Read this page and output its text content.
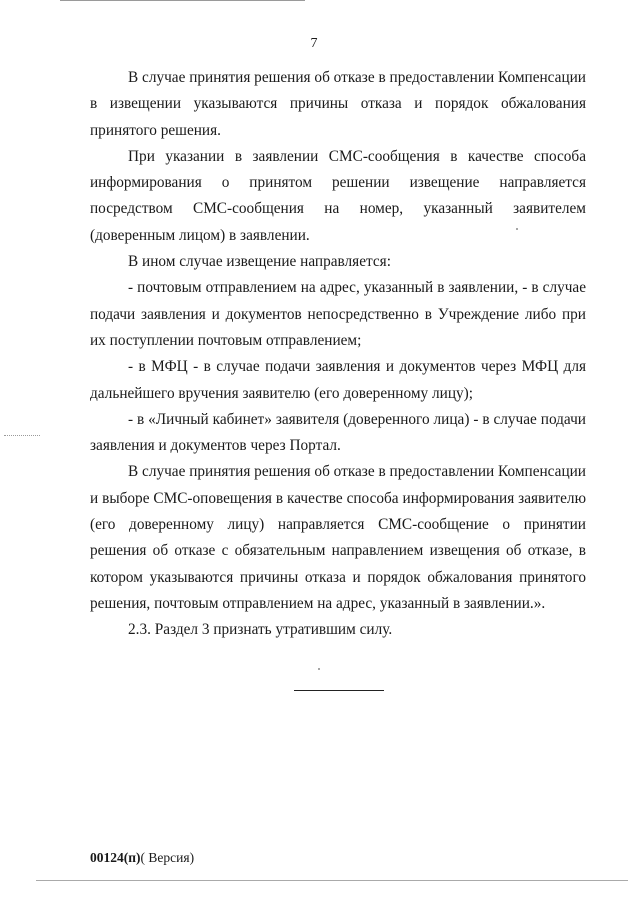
7

В случае принятия решения об отказе в предоставлении Компенсации в извещении указываются причины отказа и порядок обжалования принятого решения.

При указании в заявлении СМС-сообщения в качестве способа информирования о принятом решении извещение направляется посредством СМС-сообщения на номер, указанный заявителем (доверенным лицом) в заявлении.

В ином случае извещение направляется:

- почтовым отправлением на адрес, указанный в заявлении, - в случае подачи заявления и документов непосредственно в Учреждение либо при их поступлении почтовым отправлением;

- в МФЦ - в случае подачи заявления и документов через МФЦ для дальнейшего вручения заявителю (его доверенному лицу);

- в «Личный кабинет» заявителя (доверенного лица) - в случае подачи заявления и документов через Портал.

В случае принятия решения об отказе в предоставлении Компенсации и выборе СМС-оповещения в качестве способа информирования заявителю (его доверенному лицу) направляется СМС-сообщение о принятии решения об отказе с обязательным направлением извещения об отказе, в котором указываются причины отказа и порядок обжалования принятого решения, почтовым отправлением на адрес, указанный в заявлении.».

2.3. Раздел 3 признать утратившим силу.

00124(п)( Версия)
